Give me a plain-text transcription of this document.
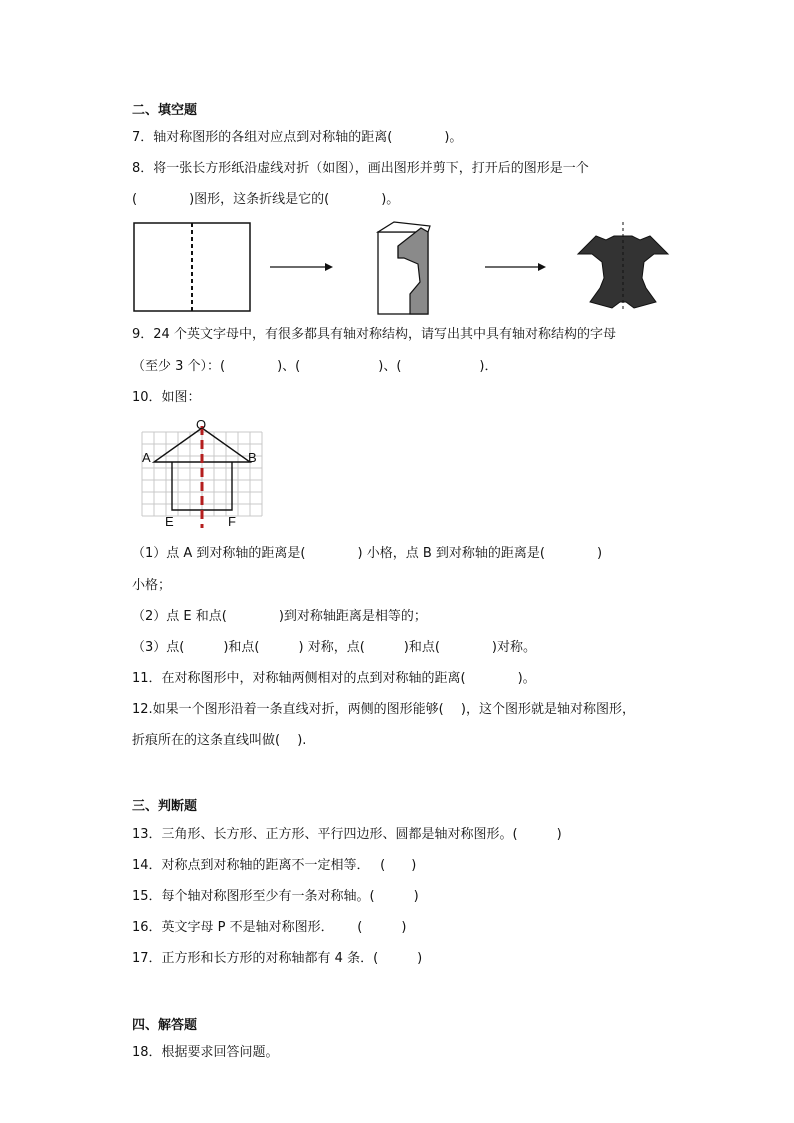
二、填空题
7．轴对称图形的各组对应点到对称轴的距离(　　　　)。
8．将一张长方形纸沿虚线对折（如图），画出图形并剪下，打开后的图形是一个
(　　　　)图形，这条折线是它的(　　　　)。
9．24 个英文字母中，有很多都具有轴对称结构，请写出其中具有轴对称结构的字母
（至少 3 个）：(　　　　)、(　　　　　　)、(　　　　　　)．
10．如图：
O
A	B
E	F
（1）点 A 到对称轴的距离是(　　　　) 小格，点 B 到对称轴的距离是(　　　　)
小格；
（2）点 E 和点(　　　　)到对称轴距离是相等的；
（3）点(　　　)和点(　　　) 对称，点(　　　)和点(　　　　)对称。
11．在对称图形中，对称轴两侧相对的点到对称轴的距离(　　　　)。
12.如果一个图形沿着一条直线对折，两侧的图形能够(　 )，这个图形就是轴对称图形，
折痕所在的这条直线叫做(　 ).
三、判断题
13．三角形、长方形、正方形、平行四边形、圆都是轴对称图形。(　　　)
14．对称点到对称轴的距离不一定相等．　 (　　)
15．每个轴对称图形至少有一条对称轴。(　　　)
16．英文字母 P 不是轴对称图形．　　 (　　　)
17．正方形和长方形的对称轴都有 4 条．(　　　)
四、解答题
18．根据要求回答问题。
